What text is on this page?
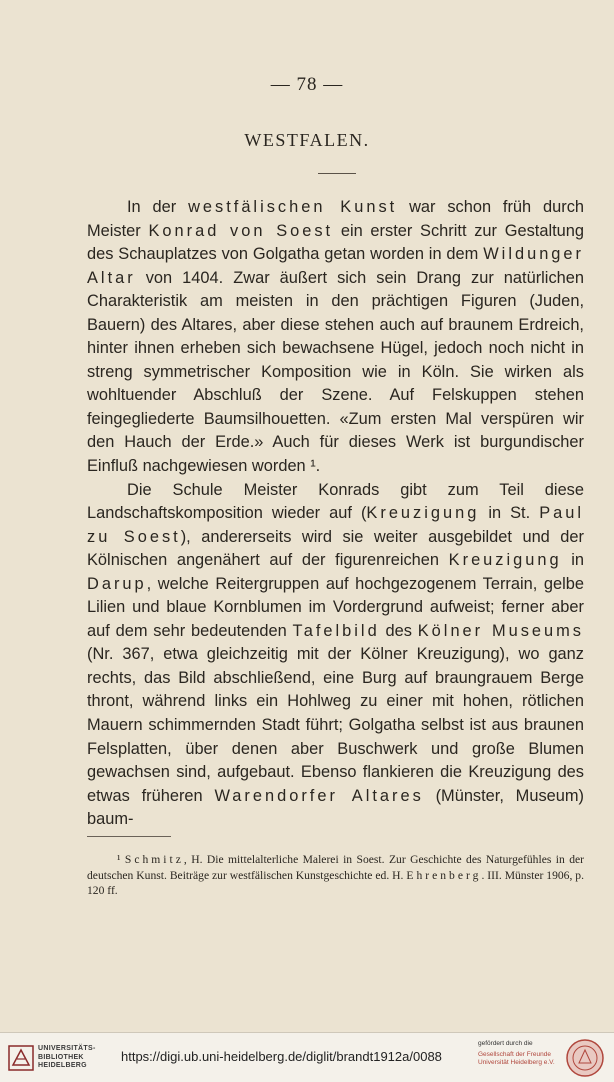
— 78 —
WESTFALEN.

In der westfälischen Kunst war schon früh durch Meister Konrad von Soest ein erster Schritt zur Gestaltung des Schauplatzes von Golgatha getan worden in dem Wildunger Altar von 1404. Zwar äußert sich sein Drang zur natürlichen Charakteristik am meisten in den prächtigen Figuren (Juden, Bauern) des Altares, aber diese stehen auch auf braunem Erdreich, hinter ihnen erheben sich bewachsene Hügel, jedoch noch nicht in streng symmetrischer Komposition wie in Köln. Sie wirken als wohltuender Abschluß der Szene. Auf Felskuppen stehen feingegliederte Baumsilhouetten. «Zum ersten Mal verspüren wir den Hauch der Erde.» Auch für dieses Werk ist burgundischer Einfluß nachgewiesen worden ¹.

Die Schule Meister Konrads gibt zum Teil diese Landschaftskomposition wieder auf (Kreuzigung in St. Paul zu Soest), andererseits wird sie weiter ausgebildet und der Kölnischen angenähert auf der figurenreichen Kreuzigung in Darup, welche Reitergruppen auf hochgezogenem Terrain, gelbe Lilien und blaue Kornblumen im Vordergrund aufweist; ferner aber auf dem sehr bedeutenden Tafelbild des Kölner Museums (Nr. 367, etwa gleichzeitig mit der Kölner Kreuzigung), wo ganz rechts, das Bild abschließend, eine Burg auf braungrauem Berge thront, während links ein Hohlweg zu einer mit hohen, rötlichen Mauern schimmernden Stadt führt; Golgatha selbst ist aus braunen Felsplatten, über denen aber Buschwerk und große Blumen gewachsen sind, aufgebaut. Ebenso flankieren die Kreuzigung des etwas früheren Warendorfer Altares (Münster, Museum) baum-

¹ Schmitz, H. Die mittelalterliche Malerei in Soest. Zur Geschichte des Naturgefühles in der deutschen Kunst. Beiträge zur westfälischen Kunstgeschichte ed. H. Ehrenberg. III. Münster 1906, p. 120 ff.
UNIVERSITÄTS-
BIBLIOTHEK
HEIDELBERG
https://digi.ub.uni-heidelberg.de/diglit/brandt1912a/0088
gefördert durch die
Gesellschaft der Freunde
Universität Heidelberg e.V.
